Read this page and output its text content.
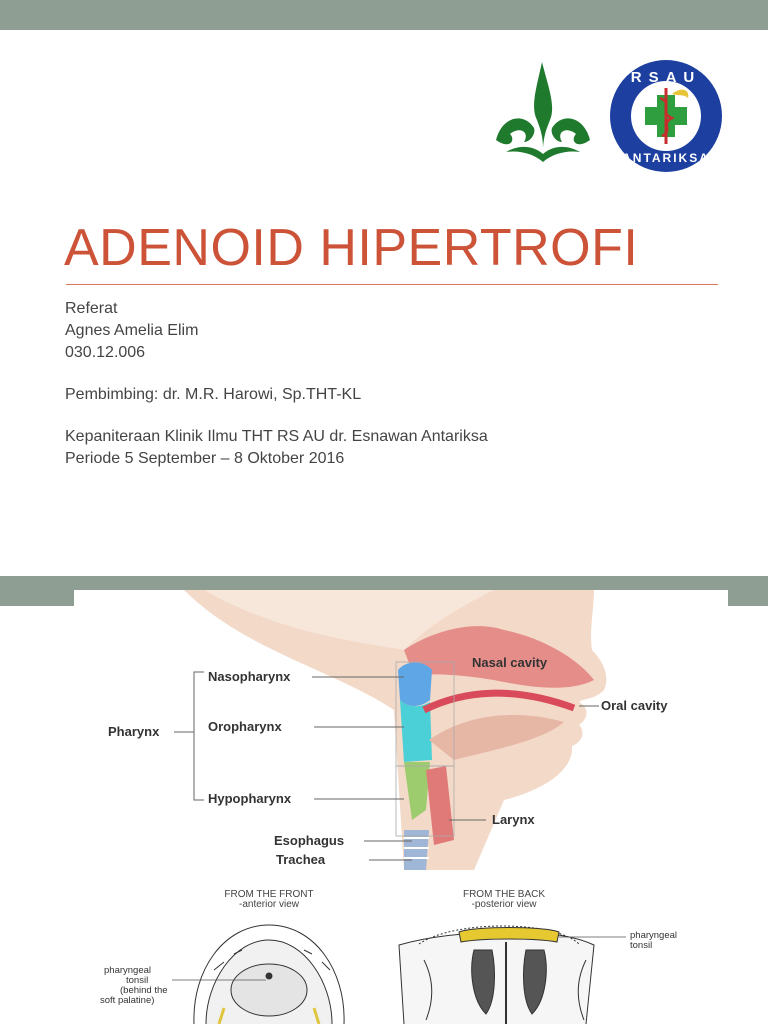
RSAU
ANTARIKSA
ADENOID HIPERTROFI
Referat
Agnes Amelia Elim
030.12.006
Pembimbing: dr. M.R. Harowi, Sp.THT-KL
Kepaniteraan Klinik Ilmu THT RS AU dr. Esnawan Antariksa
Periode 5 September – 8 Oktober 2016
Pharynx
Nasopharynx
Oropharynx
Hypopharynx
Esophagus
Trachea
Nasal cavity
Oral cavity
Larynx
FROM THE FRONT
-anterior view
FROM THE BACK
-posterior view
pharyngeal
tonsil
(behind the
soft palatine)
pharyngeal
tonsil
